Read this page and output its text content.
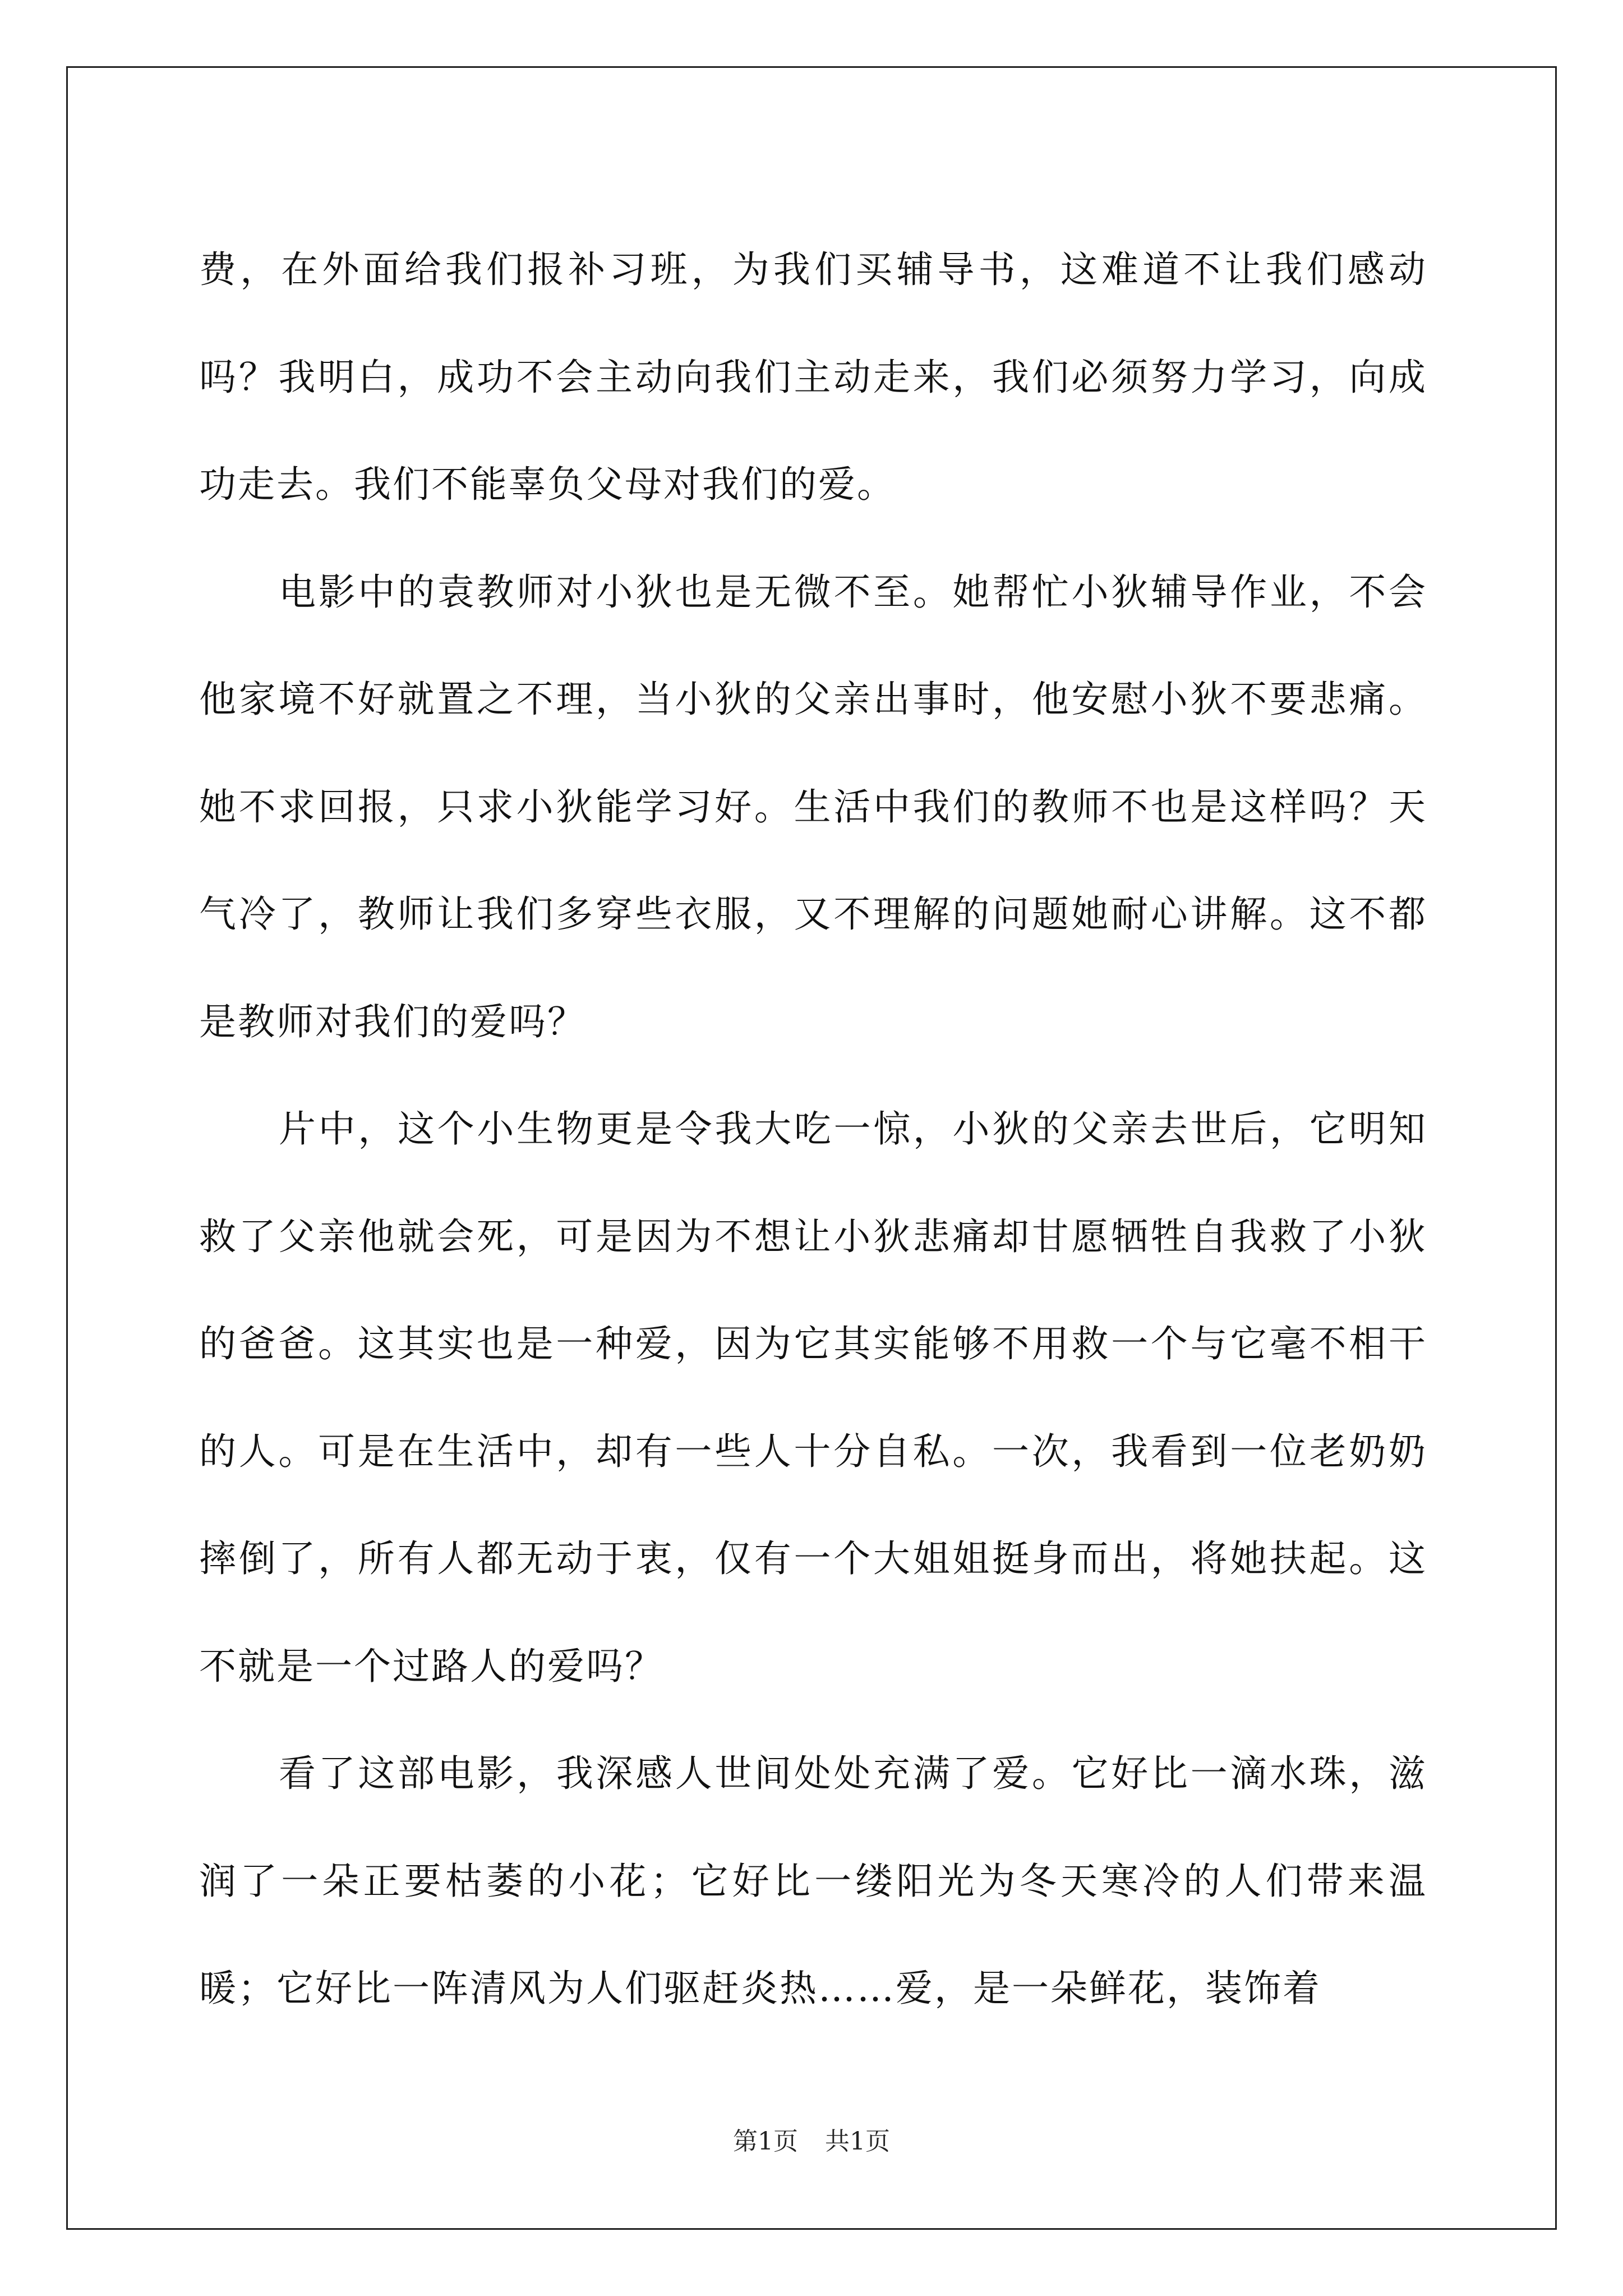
费，在外面给我们报补习班，为我们买辅导书，这难道不让我们感动吗？我明白，成功不会主动向我们主动走来，我们必须努力学习，向成功走去。我们不能辜负父母对我们的爱。

电影中的袁教师对小狄也是无微不至。她帮忙小狄辅导作业，不会他家境不好就置之不理，当小狄的父亲出事时，他安慰小狄不要悲痛。她不求回报，只求小狄能学习好。生活中我们的教师不也是这样吗？天气冷了，教师让我们多穿些衣服，又不理解的问题她耐心讲解。这不都是教师对我们的爱吗？

片中，这个小生物更是令我大吃一惊，小狄的父亲去世后，它明知救了父亲他就会死，可是因为不想让小狄悲痛却甘愿牺牲自我救了小狄的爸爸。这其实也是一种爱，因为它其实能够不用救一个与它毫不相干的人。可是在生活中，却有一些人十分自私。一次，我看到一位老奶奶摔倒了，所有人都无动于衷，仅有一个大姐姐挺身而出，将她扶起。这不就是一个过路人的爱吗？

看了这部电影，我深感人世间处处充满了爱。它好比一滴水珠，滋润了一朵正要枯萎的小花；它好比一缕阳光为冬天寒冷的人们带来温暖；它好比一阵清风为人们驱赶炎热……爱，是一朵鲜花，装饰着

第1页 共1页
